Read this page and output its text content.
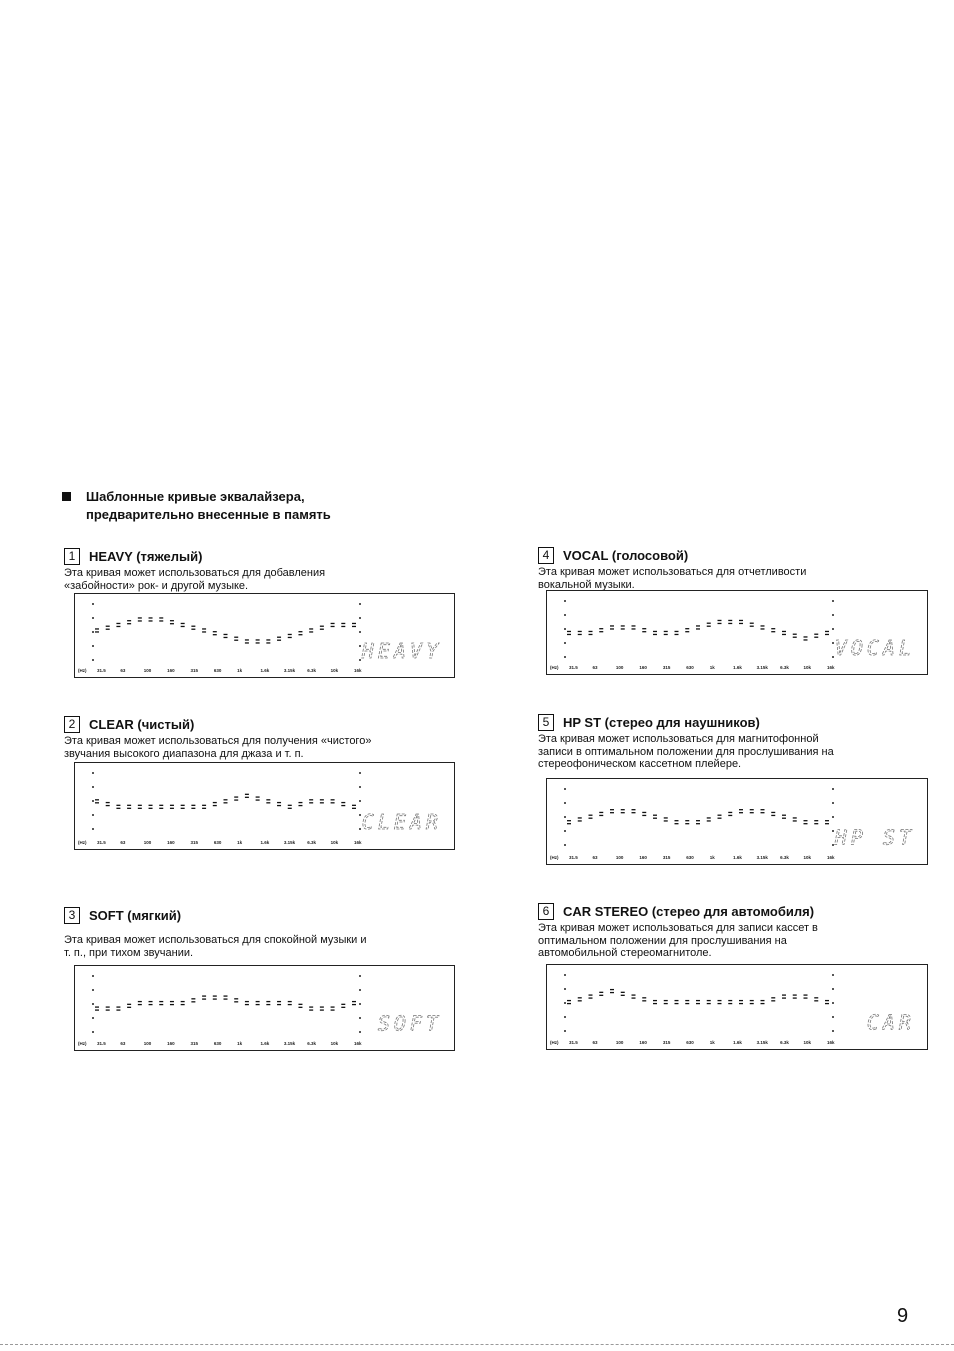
Шаблонные кривые эквалайзера,
предварительно внесенные в память
1 HEAVY (тяжелый)
Эта кривая может использоваться для добавления
«забойности» рок- и другой музыке.
HEAVY
(Hz) 31.5	63	100	160	315	630	1k	1.6k	3.15k	6.3k	10k	16k
2 CLEAR (чистый)
Эта кривая может использоваться для получения «чистого»
звучания высокого диапазона для джаза и т. п.
CLEAR
(Hz) 31.5	63	100	160	315	630	1k	1.6k	3.15k	6.3k	10k	16k
3 SOFT (мягкий)
Эта кривая может использоваться для спокойной музыки и
т. п., при тихом звучании.
SOFT
(Hz) 31.5	63	100	160	315	630	1k	1.6k	3.15k	6.3k	10k	16k
4 VOCAL (голосовой)
Эта кривая может использоваться для отчетливости
вокальной музыки.
VOCAL
(Hz) 31.5	63	100	160	315	630	1k	1.6k	3.15k	6.3k	10k	16k
5 HP ST (стерео для наушников)
Эта кривая может использоваться для магнитофонной
записи в оптимальном положении для прослушивания на
стереофоническом кассетном плейере.
HP ST
(Hz) 31.5	63	100	160	315	630	1k	1.6k	3.15k	6.3k	10k	16k
6 CAR STEREO (стерео для автомобиля)
Эта кривая может использоваться для записи кассет в
оптимальном положении для прослушивания на
автомобильной стереомагнитоле.
CAR
(Hz) 31.5	63	100	160	315	630	1k	1.6k	3.15k	6.3k	10k	16k
9
